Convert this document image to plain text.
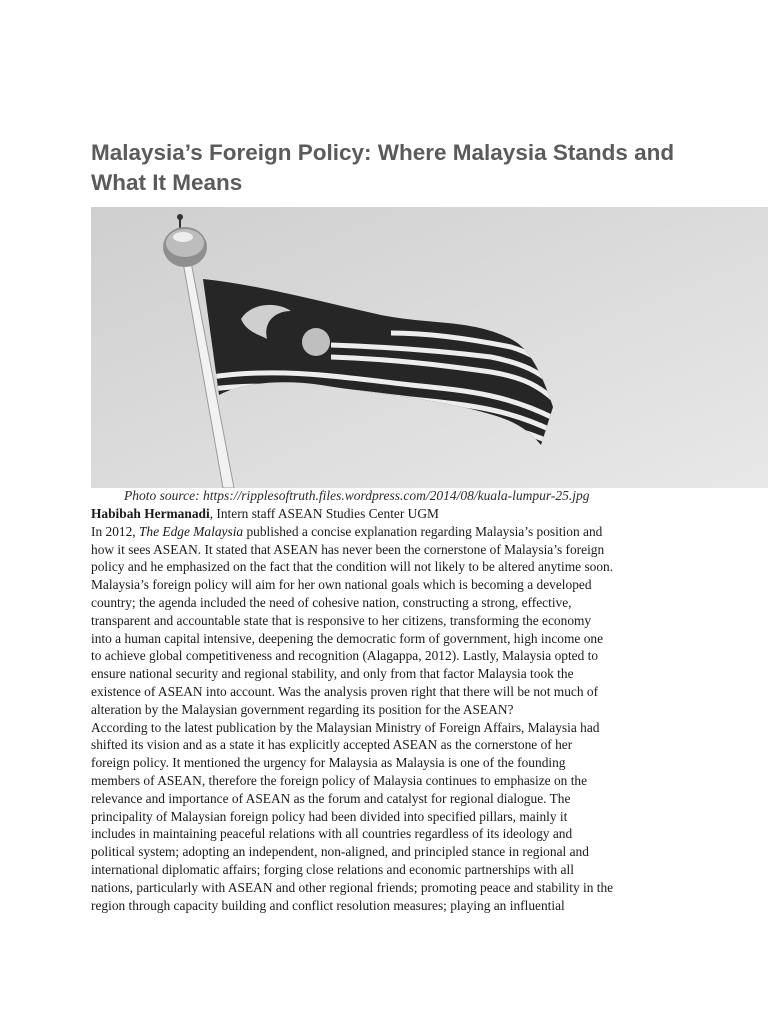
Malaysia’s Foreign Policy: Where Malaysia Stands and What It Means
Photo source: https://ripplesoftruth.files.wordpress.com/2014/08/kuala-lumpur-25.jpg
Habibah Hermanadi, Intern staff ASEAN Studies Center UGM
In 2012, The Edge Malaysia published a concise explanation regarding Malaysia’s position and
how it sees ASEAN. It stated that ASEAN has never been the cornerstone of Malaysia’s foreign
policy and he emphasized on the fact that the condition will not likely to be altered anytime soon.
Malaysia’s foreign policy will aim for her own national goals which is becoming a developed
country; the agenda included the need of cohesive nation, constructing a strong, effective,
transparent and accountable state that is responsive to her citizens, transforming the economy
into a human capital intensive, deepening the democratic form of government, high income one
to achieve global competitiveness and recognition (Alagappa, 2012). Lastly, Malaysia opted to
ensure national security and regional stability, and only from that factor Malaysia took the
existence of ASEAN into account. Was the analysis proven right that there will be not much of
alteration by the Malaysian government regarding its position for the ASEAN?
According to the latest publication by the Malaysian Ministry of Foreign Affairs, Malaysia had
shifted its vision and as a state it has explicitly accepted ASEAN as the cornerstone of her
foreign policy. It mentioned the urgency for Malaysia as Malaysia is one of the founding
members of ASEAN, therefore the foreign policy of Malaysia continues to emphasize on the
relevance and importance of ASEAN as the forum and catalyst for regional dialogue. The
principality of Malaysian foreign policy had been divided into specified pillars, mainly it
includes in maintaining peaceful relations with all countries regardless of its ideology and
political system; adopting an independent, non-aligned, and principled stance in regional and
international diplomatic affairs; forging close relations and economic partnerships with all
nations, particularly with ASEAN and other regional friends; promoting peace and stability in the
region through capacity building and conflict resolution measures; playing an influential
